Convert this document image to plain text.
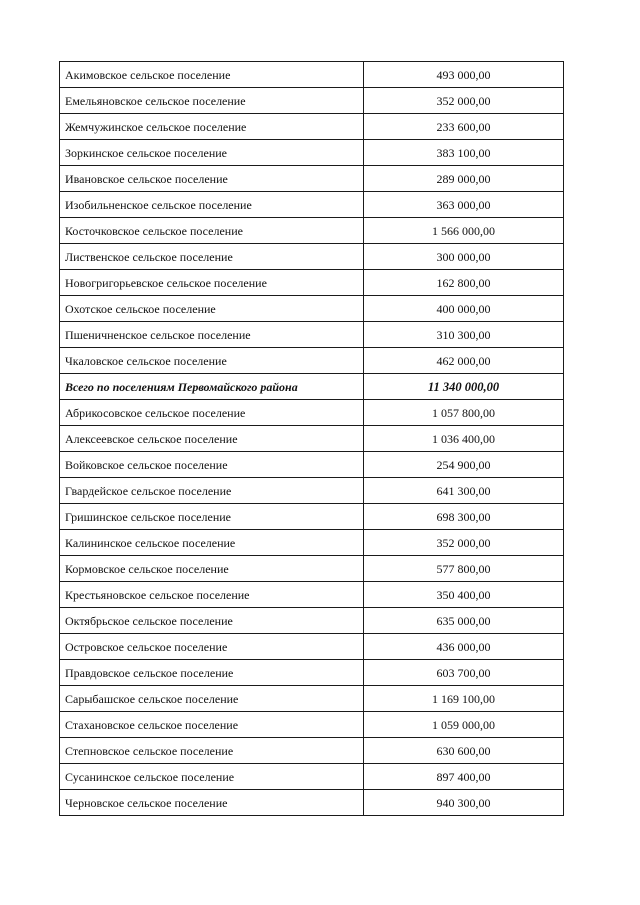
Акимовское сельское поселение	493 000,00
Емельяновское сельское поселение	352 000,00
Жемчужинское сельское поселение	233 600,00
Зоркинское сельское поселение	383 100,00
Ивановское сельское поселение	289 000,00
Изобильненское сельское поселение	363 000,00
Косточковское сельское поселение	1 566 000,00
Лиственское сельское поселение	300 000,00
Новогригорьевское сельское поселение	162 800,00
Охотское сельское поселение	400 000,00
Пшеничненское сельское поселение	310 300,00
Чкаловское сельское поселение	462 000,00
Всего по поселениям Первомайского района	11 340 000,00
Абрикосовское сельское поселение	1 057 800,00
Алексеевское сельское поселение	1 036 400,00
Войковское сельское поселение	254 900,00
Гвардейское сельское поселение	641 300,00
Гришинское сельское поселение	698 300,00
Калининское сельское поселение	352 000,00
Кормовское сельское поселение	577 800,00
Крестьяновское сельское поселение	350 400,00
Октябрьское сельское поселение	635 000,00
Островское сельское поселение	436 000,00
Правдовское сельское поселение	603 700,00
Сарыбашское сельское поселение	1 169 100,00
Стахановское сельское поселение	1 059 000,00
Степновское сельское поселение	630 600,00
Сусанинское сельское поселение	897 400,00
Черновское сельское поселение	940 300,00
